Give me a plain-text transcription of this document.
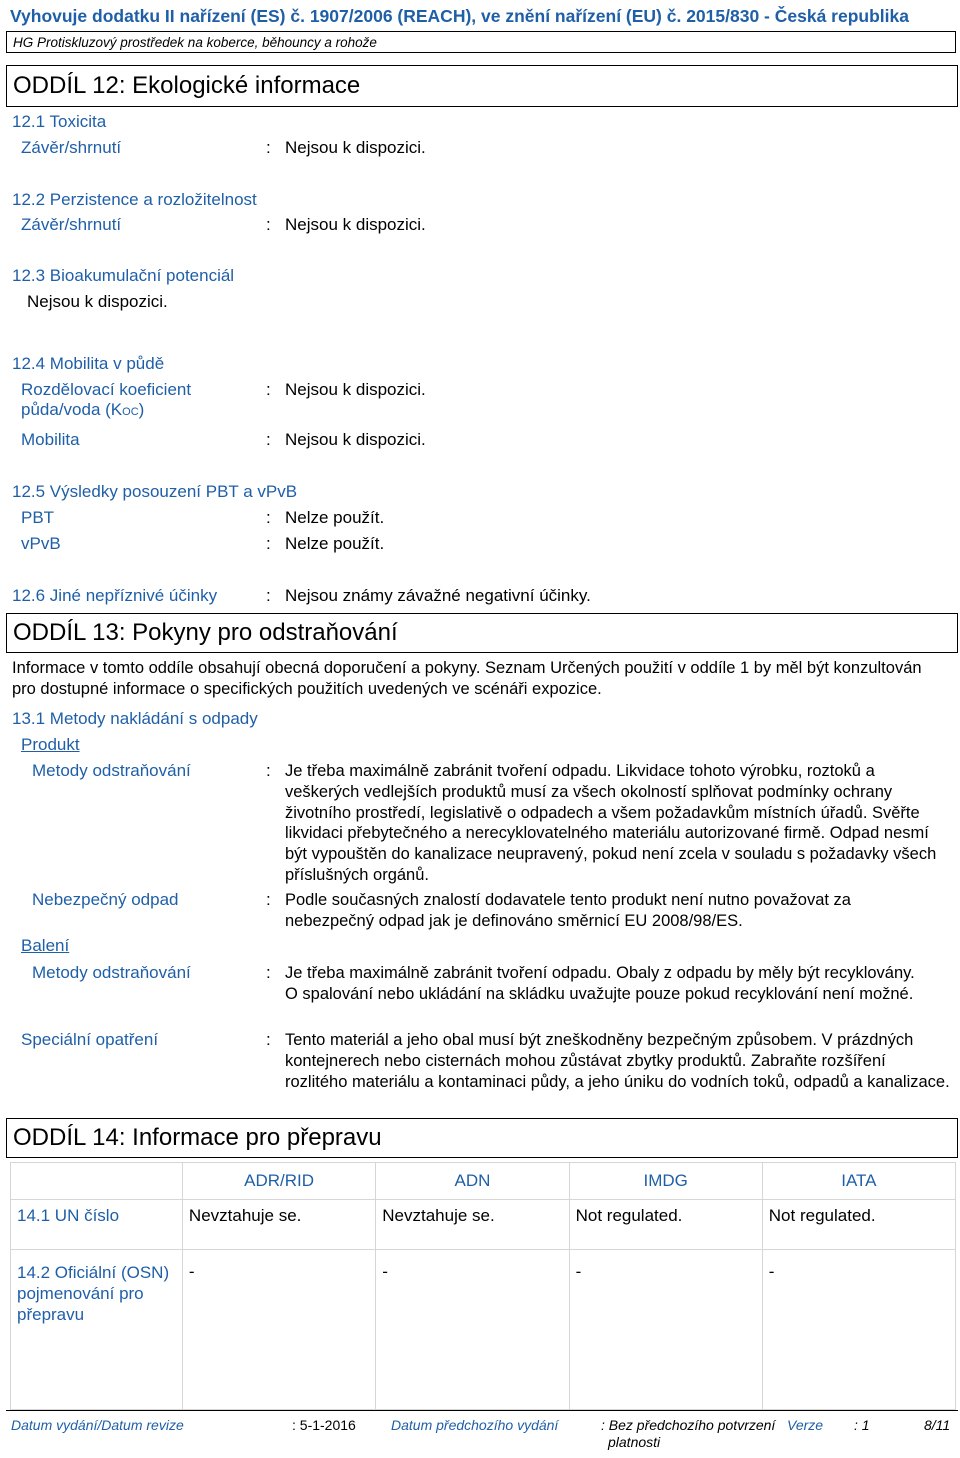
Vyhovuje dodatku II nařízení (ES) č. 1907/2006 (REACH), ve znění nařízení (EU) č. 2015/830 - Česká republika
HG Protiskluzový prostředek na koberce, běhouncy a rohože
ODDÍL 12: Ekologické informace
12.1 Toxicita
Závěr/shrnutí	: Nejsou k dispozici.
12.2 Perzistence a rozložitelnost
Závěr/shrnutí	: Nejsou k dispozici.
12.3 Bioakumulační potenciál
Nejsou k dispozici.
12.4 Mobilita v půdě
Rozdělovací koeficient
půda/voda (KOC)
: Nejsou k dispozici.
Mobilita	: Nejsou k dispozici.
12.5 Výsledky posouzení PBT a vPvB
PBT	: Nelze použít.
vPvB	: Nelze použít.
12.6 Jiné nepříznivé účinky	: Nejsou známy závažné negativní účinky.
ODDÍL 13: Pokyny pro odstraňování
Informace v tomto oddíle obsahují obecná doporučení a pokyny. Seznam Určených použití v oddíle 1 by měl být konzultován pro dostupné informace o specifických použitích uvedených ve scénáři expozice.
13.1 Metody nakládání s odpady
Produkt
Metody odstraňování	: Je třeba maximálně zabránit tvoření odpadu. Likvidace tohoto výrobku, roztoků a veškerých vedlejších produktů musí za všech okolností splňovat podmínky ochrany životního prostředí, legislativě o odpadech a všem požadavkům místních úřadů. Svěřte likvidaci přebytečného a nerecyklovatelného materiálu autorizované firmě. Odpad nesmí být vypouštěn do kanalizace neupravený, pokud není zcela v souladu s požadavky všech příslušných orgánů.
Nebezpečný odpad	: Podle současných znalostí dodavatele tento produkt není nutno považovat za nebezpečný odpad jak je definováno směrnicí EU 2008/98/ES.
Balení
Metody odstraňování	: Je třeba maximálně zabránit tvoření odpadu. Obaly z odpadu by měly být recyklovány. O spalování nebo ukládání na skládku uvažujte pouze pokud recyklování není možné.
Speciální opatření	: Tento materiál a jeho obal musí být zneškodněny bezpečným způsobem. V prázdných kontejnerech nebo cisternách mohou zůstávat zbytky produktů. Zabraňte rozšíření rozlitého materiálu a kontaminaci půdy, a jeho úniku do vodních toků, odpadů a kanalizace.
ODDÍL 14: Informace pro přepravu
	ADR/RID	ADN	IMDG	IATA
14.1 UN číslo	Nevztahuje se.	Nevztahuje se.	Not regulated.	Not regulated.
14.2 Oficiální (OSN) pojmenování pro přepravu	-	-	-	-
Datum vydání/Datum revize	: 5-1-2016	Datum předchozího vydání	: Bez předchozího potvrzení
platnosti
Verze : 1	8/11
